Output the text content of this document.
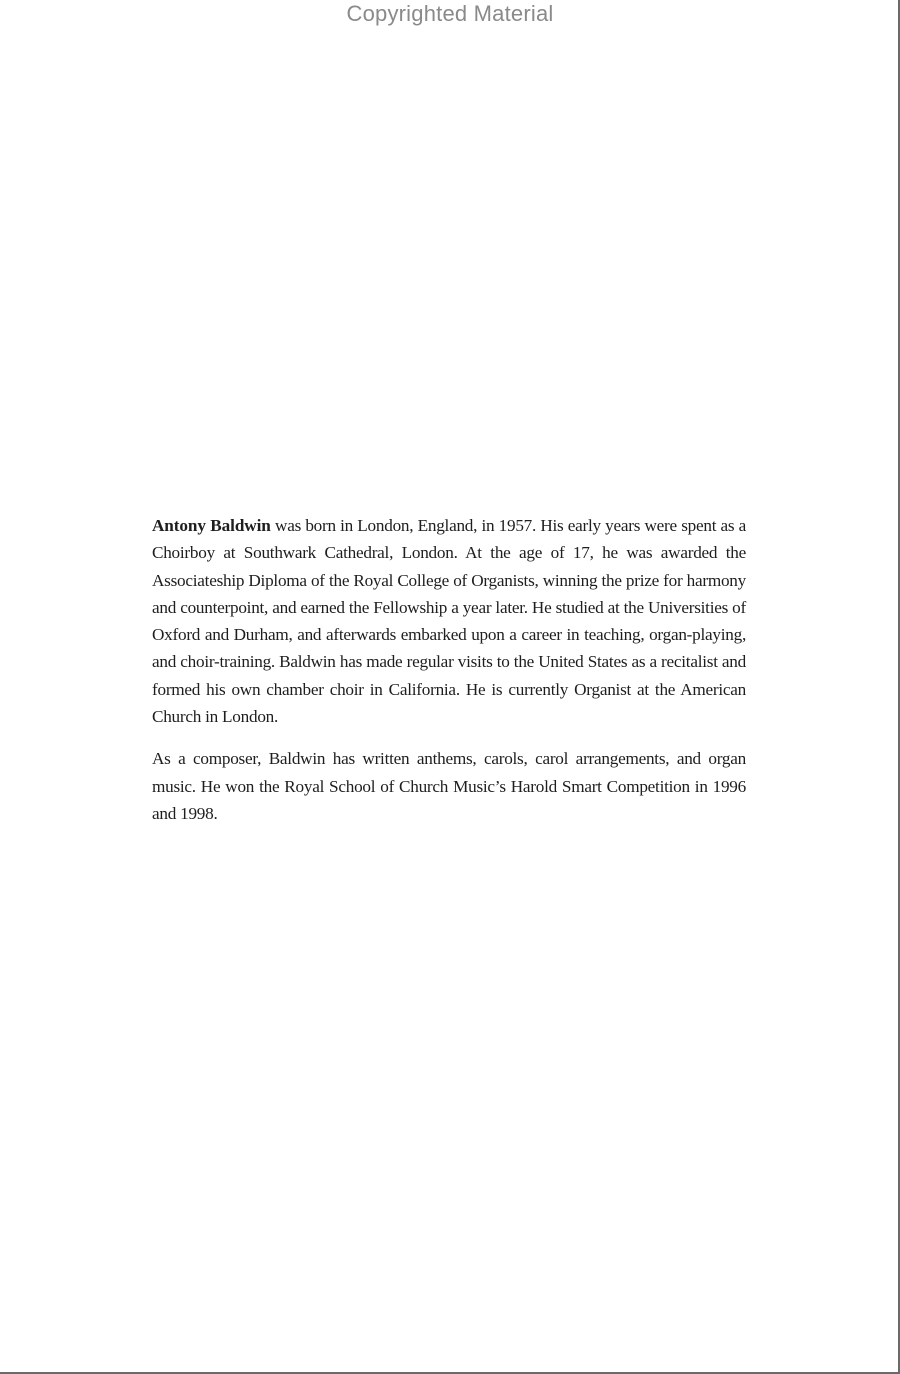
Copyrighted Material

Antony Baldwin was born in London, England, in 1957. His early years were spent as a Choirboy at Southwark Cathedral, London. At the age of 17, he was awarded the Associateship Diploma of the Royal College of Organists, winning the prize for harmony and counterpoint, and earned the Fellowship a year later. He studied at the Universities of Oxford and Durham, and afterwards embarked upon a career in teaching, organ-playing, and choir-training. Baldwin has made regular visits to the United States as a recitalist and formed his own chamber choir in California. He is currently Organist at the American Church in London.

As a composer, Baldwin has written anthems, carols, carol arrangements, and organ music. He won the Royal School of Church Music’s Harold Smart Competition in 1996 and 1998.
